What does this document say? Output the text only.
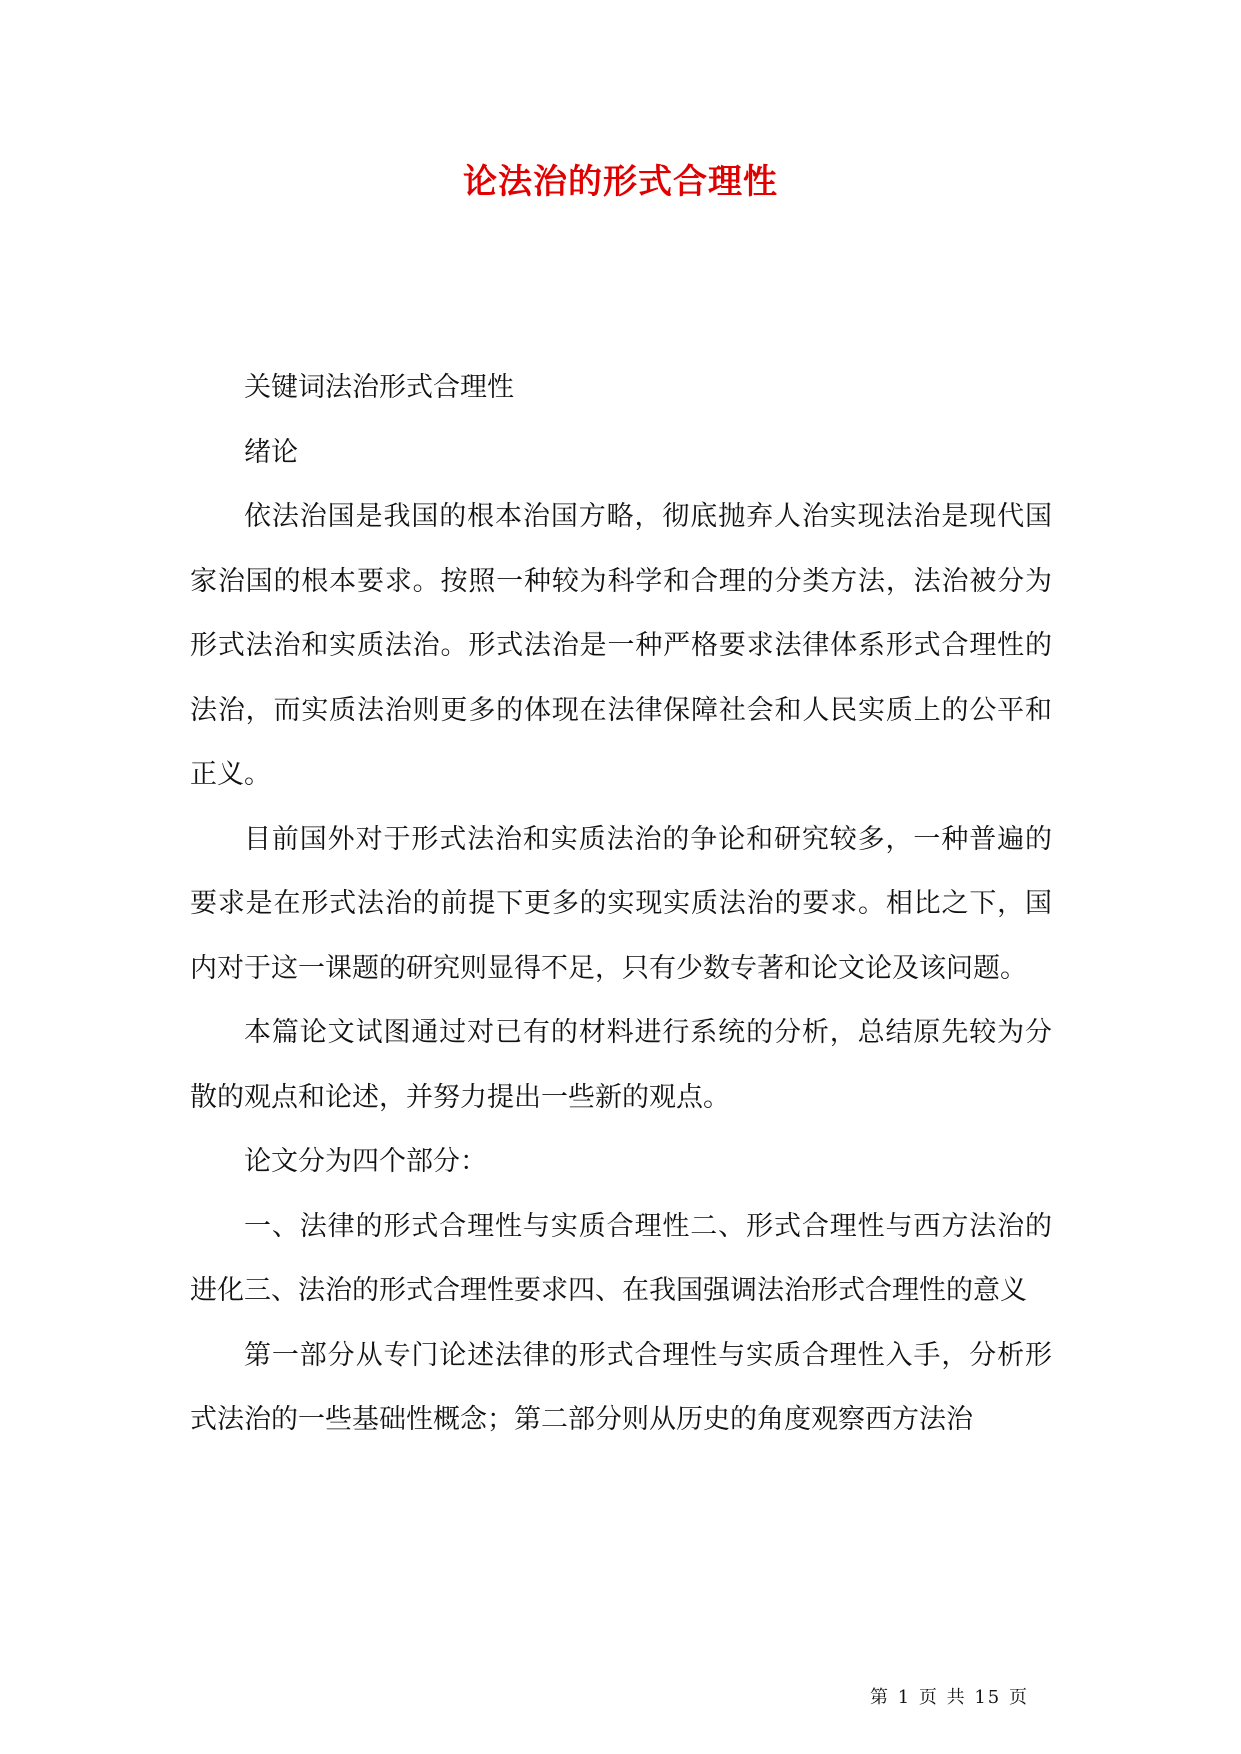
论法治的形式合理性

关键词法治形式合理性

绪论

依法治国是我国的根本治国方略，彻底抛弃人治实现法治是现代国家治国的根本要求。按照一种较为科学和合理的分类方法，法治被分为形式法治和实质法治。形式法治是一种严格要求法律体系形式合理性的法治，而实质法治则更多的体现在法律保障社会和人民实质上的公平和正义。

目前国外对于形式法治和实质法治的争论和研究较多，一种普遍的要求是在形式法治的前提下更多的实现实质法治的要求。相比之下，国内对于这一课题的研究则显得不足，只有少数专著和论文论及该问题。

本篇论文试图通过对已有的材料进行系统的分析，总结原先较为分散的观点和论述，并努力提出一些新的观点。

论文分为四个部分：

一、法律的形式合理性与实质合理性二、形式合理性与西方法治的进化三、法治的形式合理性要求四、在我国强调法治形式合理性的意义

第一部分从专门论述法律的形式合理性与实质合理性入手，分析形式法治的一些基础性概念；第二部分则从历史的角度观察西方法治

第 1 页 共 15 页
